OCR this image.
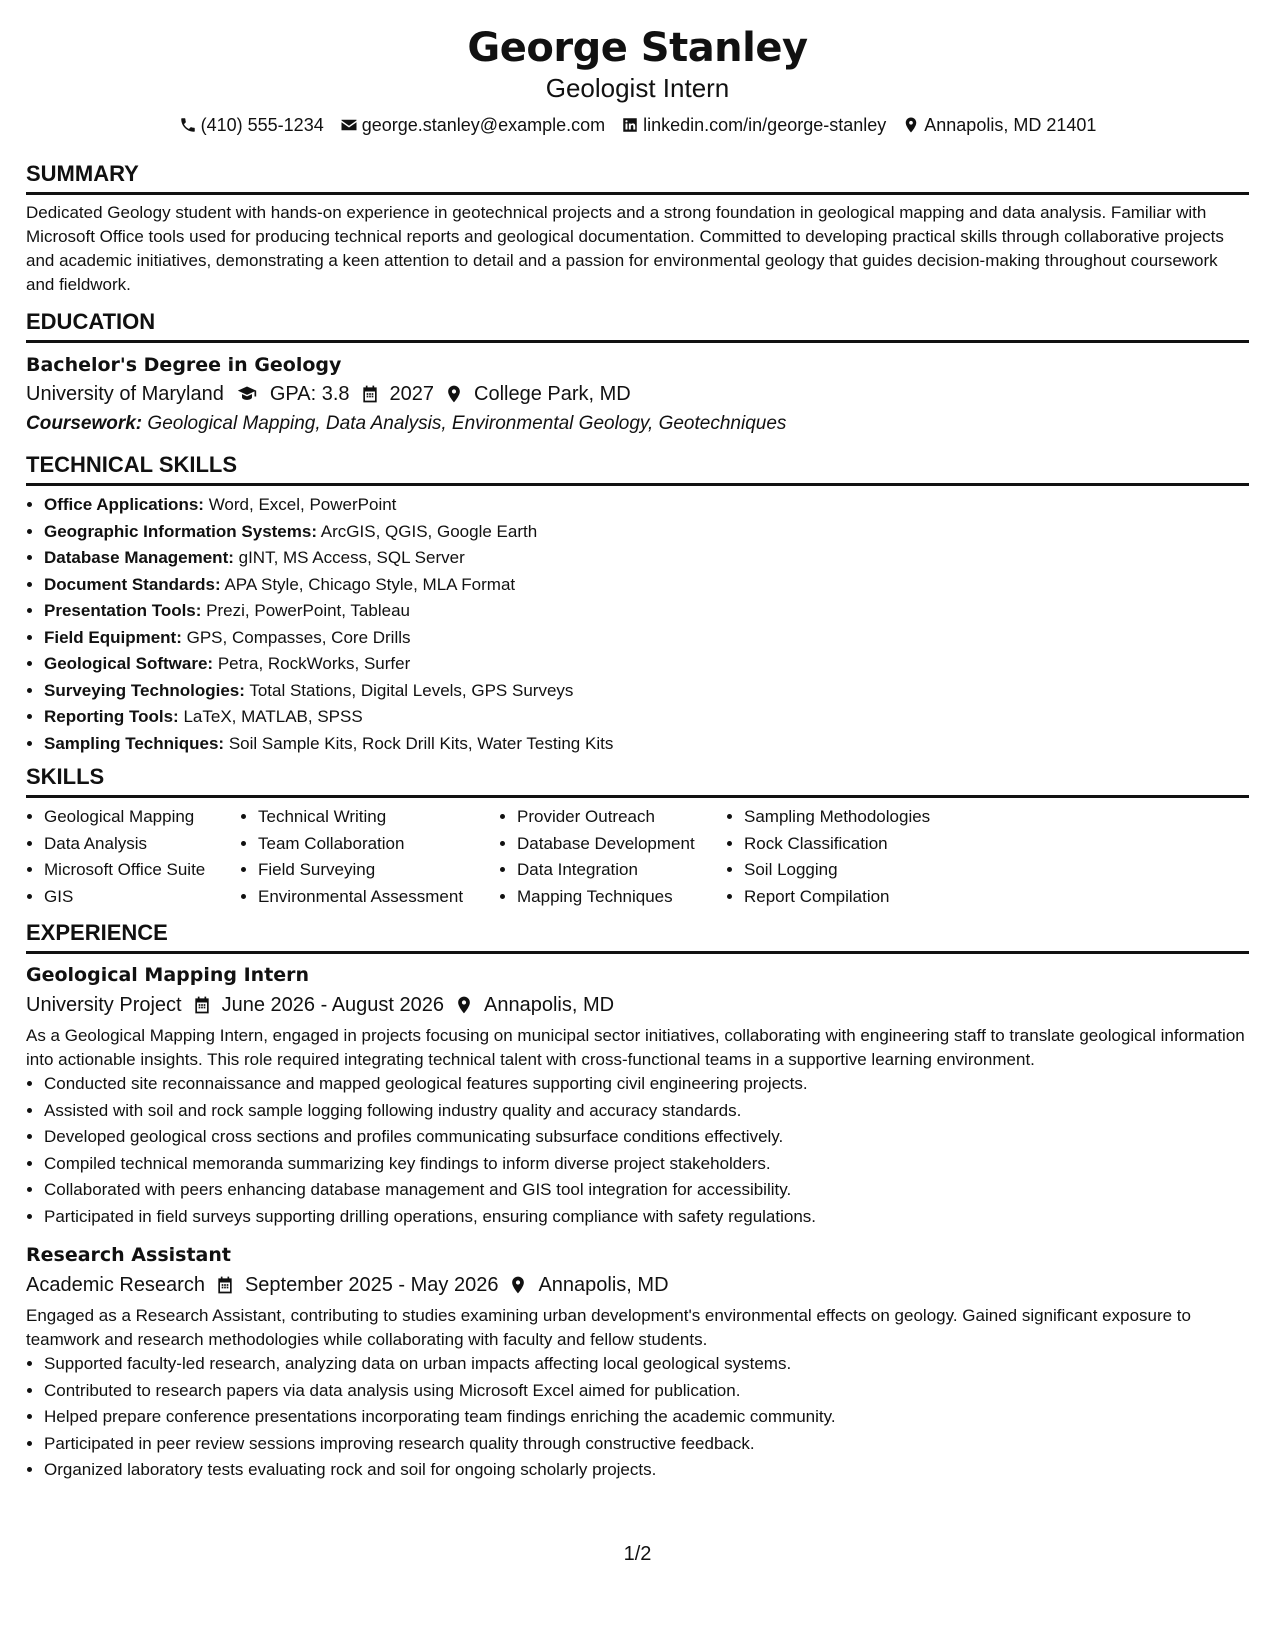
George Stanley
Geologist Intern
(410) 555-1234 george.stanley@example.com linkedin.com/in/george-stanley Annapolis, MD 21401
SUMMARY
Dedicated Geology student with hands-on experience in geotechnical projects and a strong foundation in geological mapping and data analysis. Familiar with Microsoft Office tools used for producing technical reports and geological documentation. Committed to developing practical skills through collaborative projects and academic initiatives, demonstrating a keen attention to detail and a passion for environmental geology that guides decision-making throughout coursework and fieldwork.
EDUCATION
Bachelor's Degree in Geology
University of Maryland GPA: 3.8 2027 College Park, MD
Coursework: Geological Mapping, Data Analysis, Environmental Geology, Geotechniques
TECHNICAL SKILLS
• Office Applications: Word, Excel, PowerPoint
• Geographic Information Systems: ArcGIS, QGIS, Google Earth
• Database Management: gINT, MS Access, SQL Server
• Document Standards: APA Style, Chicago Style, MLA Format
• Presentation Tools: Prezi, PowerPoint, Tableau
• Field Equipment: GPS, Compasses, Core Drills
• Geological Software: Petra, RockWorks, Surfer
• Surveying Technologies: Total Stations, Digital Levels, GPS Surveys
• Reporting Tools: LaTeX, MATLAB, SPSS
• Sampling Techniques: Soil Sample Kits, Rock Drill Kits, Water Testing Kits
SKILLS
• Geological Mapping
• Data Analysis
• Microsoft Office Suite
• GIS
• Technical Writing
• Team Collaboration
• Field Surveying
• Environmental Assessment
• Provider Outreach
• Database Development
• Data Integration
• Mapping Techniques
• Sampling Methodologies
• Rock Classification
• Soil Logging
• Report Compilation
EXPERIENCE
Geological Mapping Intern
University Project June 2026 - August 2026 Annapolis, MD
As a Geological Mapping Intern, engaged in projects focusing on municipal sector initiatives, collaborating with engineering staff to translate geological information into actionable insights. This role required integrating technical talent with cross-functional teams in a supportive learning environment.
• Conducted site reconnaissance and mapped geological features supporting civil engineering projects.
• Assisted with soil and rock sample logging following industry quality and accuracy standards.
• Developed geological cross sections and profiles communicating subsurface conditions effectively.
• Compiled technical memoranda summarizing key findings to inform diverse project stakeholders.
• Collaborated with peers enhancing database management and GIS tool integration for accessibility.
• Participated in field surveys supporting drilling operations, ensuring compliance with safety regulations.
Research Assistant
Academic Research September 2025 - May 2026 Annapolis, MD
Engaged as a Research Assistant, contributing to studies examining urban development's environmental effects on geology. Gained significant exposure to teamwork and research methodologies while collaborating with faculty and fellow students.
• Supported faculty-led research, analyzing data on urban impacts affecting local geological systems.
• Contributed to research papers via data analysis using Microsoft Excel aimed for publication.
• Helped prepare conference presentations incorporating team findings enriching the academic community.
• Participated in peer review sessions improving research quality through constructive feedback.
• Organized laboratory tests evaluating rock and soil for ongoing scholarly projects.
1/2
